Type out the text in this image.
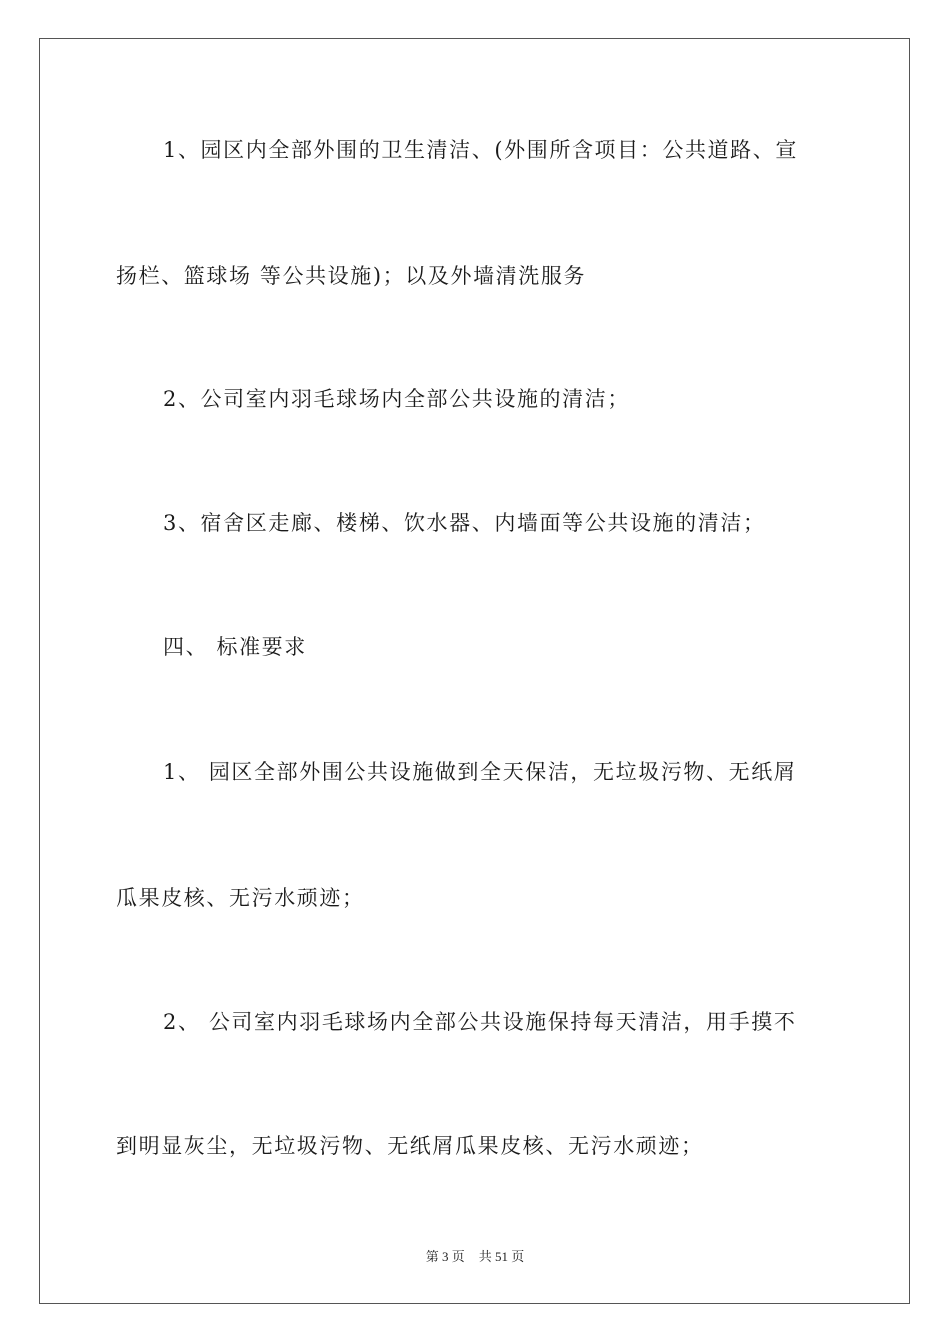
1、园区内全部外围的卫生清洁、(外围所含项目：公共道路、宣
扬栏、篮球场 等公共设施)；以及外墙清洗服务
2、公司室内羽毛球场内全部公共设施的清洁；
3、宿舍区走廊、楼梯、饮水器、内墙面等公共设施的清洁；
四、 标准要求
1、 园区全部外围公共设施做到全天保洁，无垃圾污物、无纸屑
瓜果皮核、无污水顽迹；
2、 公司室内羽毛球场内全部公共设施保持每天清洁，用手摸不
到明显灰尘，无垃圾污物、无纸屑瓜果皮核、无污水顽迹；
第 3 页 共 51 页
